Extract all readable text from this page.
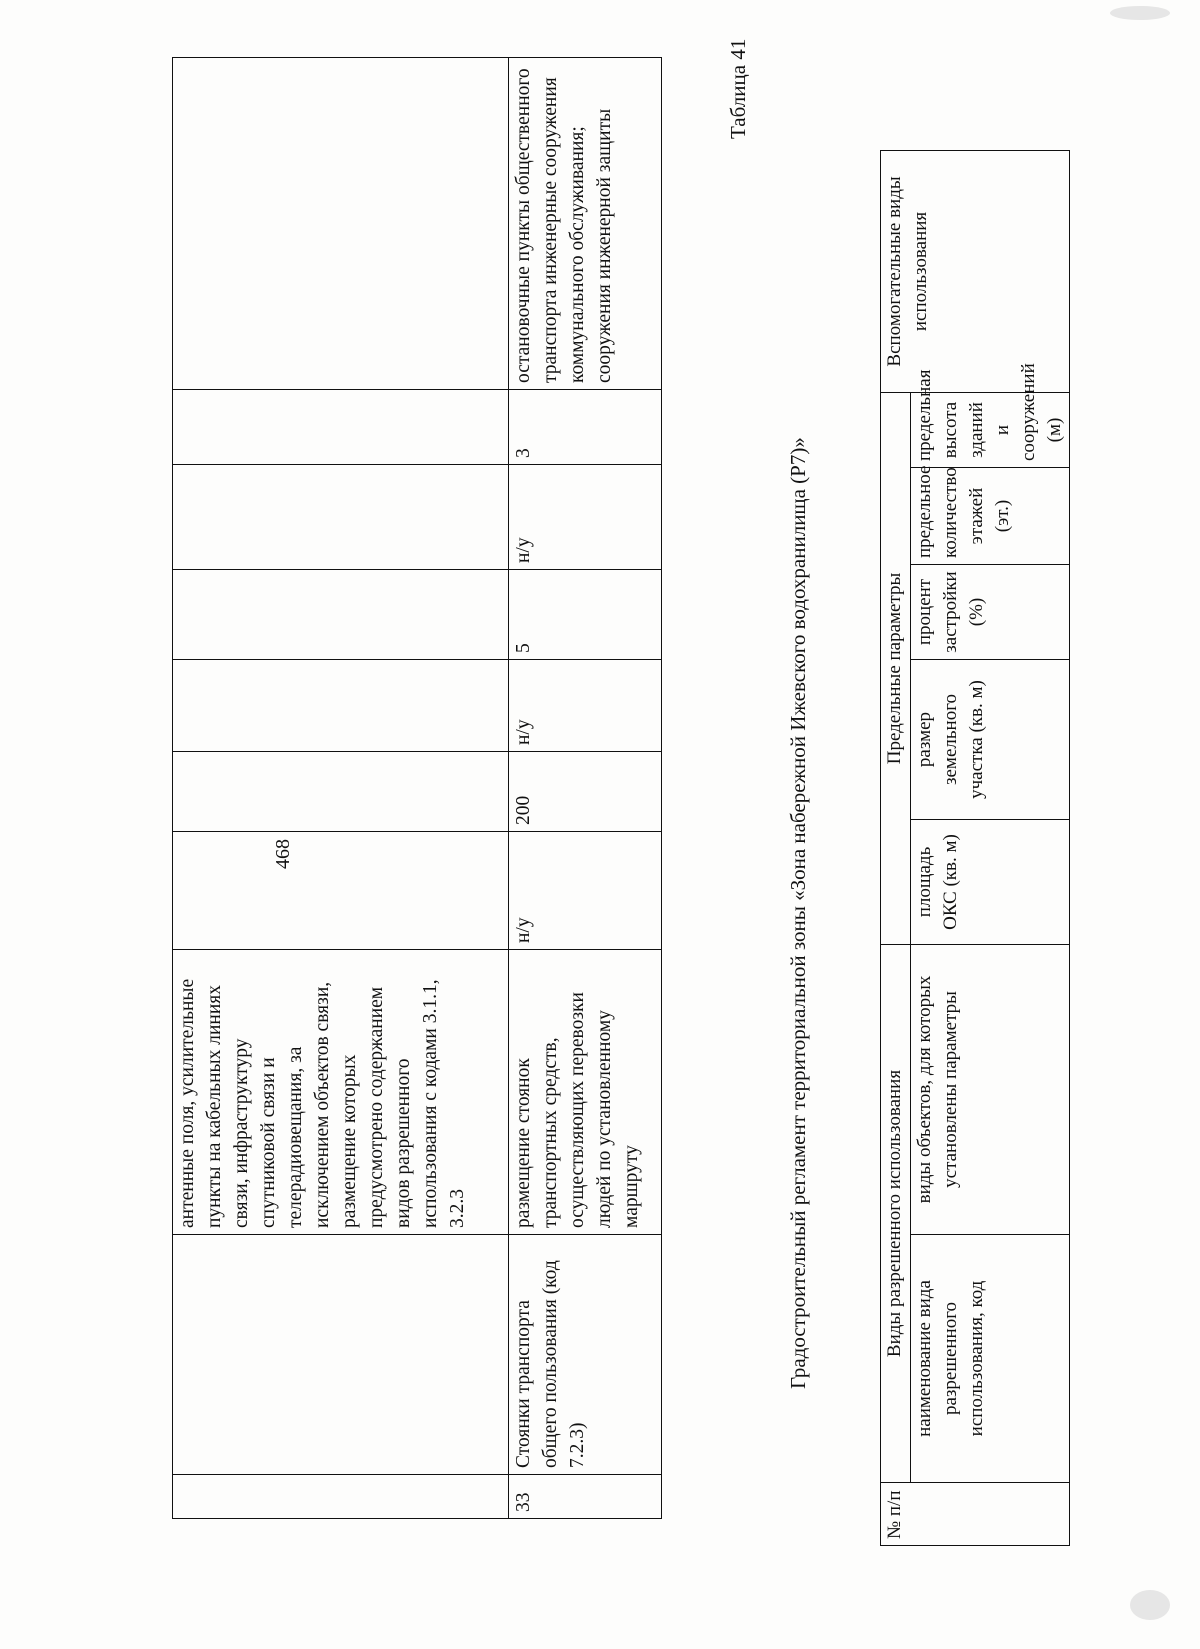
468
		антенные поля, усилительные пункты на кабельных линиях связи, инфраструктуру спутниковой связи и телерадиовещания, за исключением объектов связи, размещение которых предусмотрено содержанием видов разрешенного использования с кодами 3.1.1, 3.2.3							
33	Стоянки транспорта общего пользования (код 7.2.3)	размещение стоянок транспортных средств, осуществляющих перевозки людей по установленному маршруту	н/у	200	н/у	5	н/у	3	остановочные пункты общественного транспорта инженерные сооружения коммунального обслуживания; сооружения инженерной защиты
Таблица 41
Градостроительный регламент территориальной зоны «Зона набережной Ижевского водохранилища (Р7)»
№ п/п	Виды разрешенного использования		Предельные параметры					Вспомогательные виды использования
	наименование вида разрешенного использования, код	виды объектов, для которых установлены параметры	площадь ОКС (кв. м)	размер земельного участка (кв. м)	процент застройки (%)	предельное количество этажей (эт.)	предельная высота зданий и сооружений (м)	
